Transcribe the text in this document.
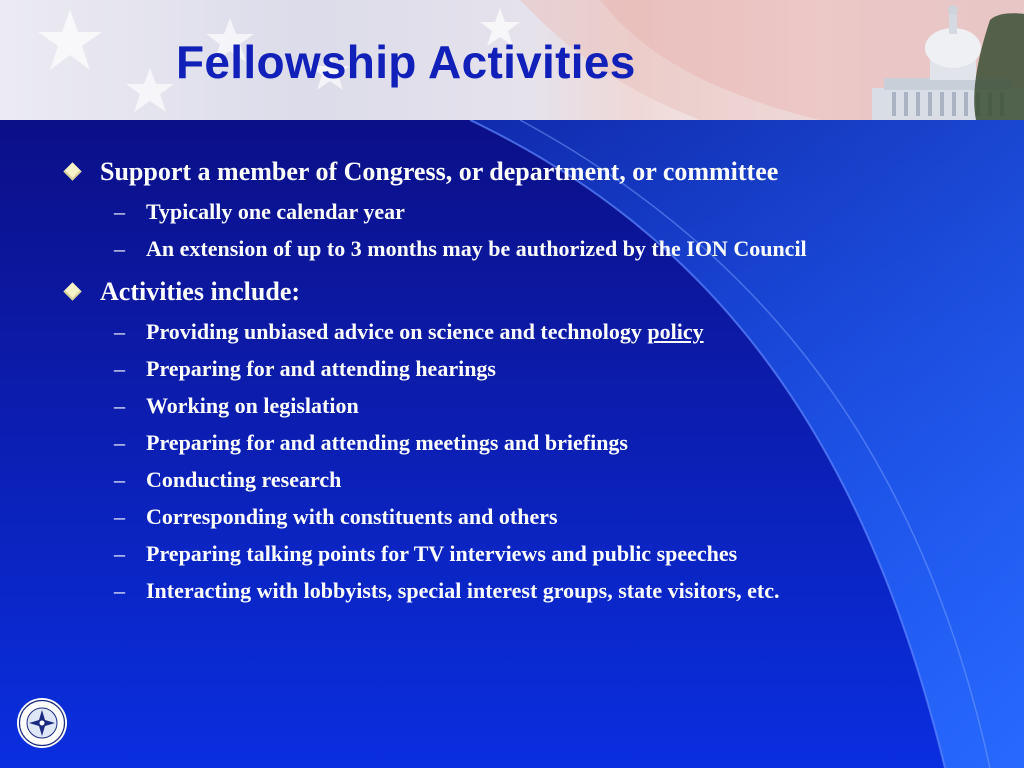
Fellowship Activities
Support a member of Congress, or department, or committee
– Typically one calendar year
– An extension of up to 3 months may be authorized by the ION Council
Activities include:
– Providing unbiased advice on science and technology policy
– Preparing for and attending hearings
– Working on legislation
– Preparing for and attending meetings and briefings
– Conducting research
– Corresponding with constituents and others
– Preparing talking points for TV interviews and public speeches
– Interacting with lobbyists, special interest groups, state visitors, etc.
